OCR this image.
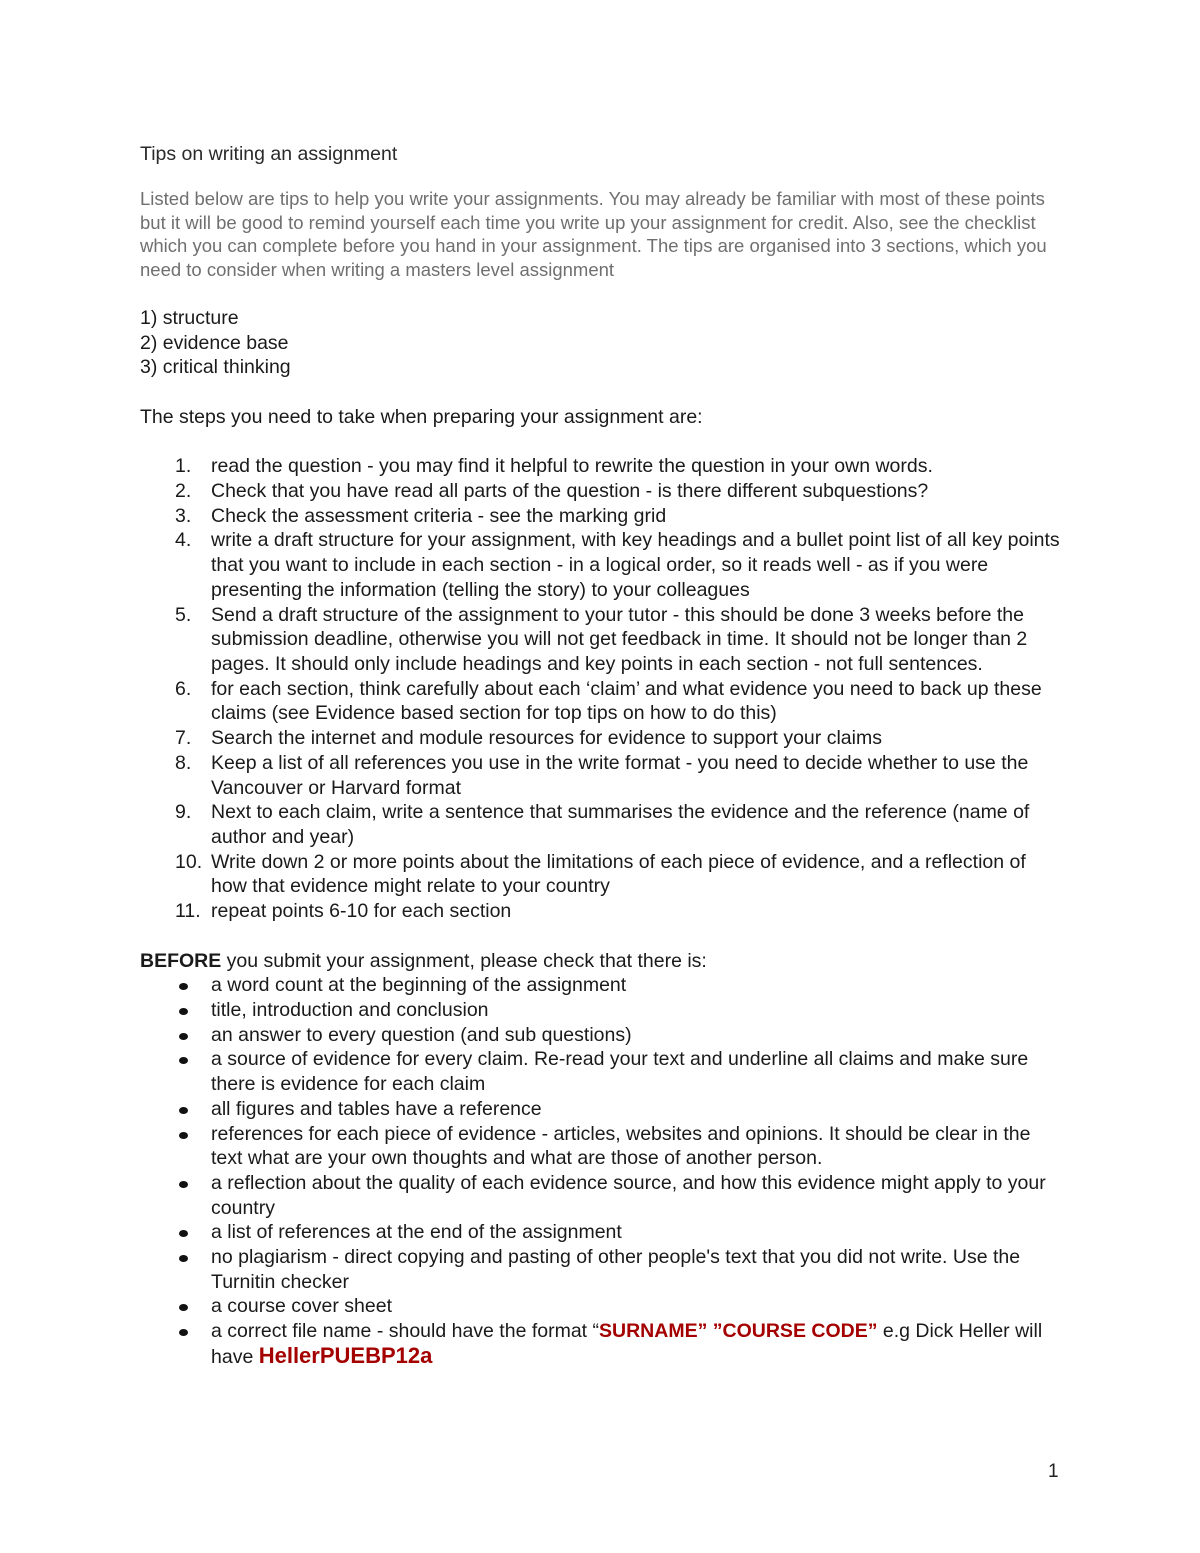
Tips on writing an assignment

Listed below are tips to help you write your assignments. You may already be familiar with most of these points but it will be good to remind yourself each time you write up your assignment for credit. Also, see the checklist which you can complete before you hand in your assignment. The tips are organised into 3 sections, which you need to consider when writing a masters level assignment
1) structure
2) evidence base
3) critical thinking
The steps you need to take when preparing your assignment are:
1. read the question - you may find it helpful to rewrite the question in your own words.
2. Check that you have read all parts of the question - is there different subquestions?
3. Check the assessment criteria - see the marking grid
4. write a draft structure for your assignment, with key headings and a bullet point list of all key points that you want to include in each section - in a logical order, so it reads well - as if you were presenting the information (telling the story) to your colleagues
5. Send a draft structure of the assignment to your tutor - this should be done 3 weeks before the submission deadline, otherwise you will not get feedback in time. It should not be longer than 2 pages. It should only include headings and key points in each section - not full sentences.
6. for each section, think carefully about each ‘claim’ and what evidence you need to back up these claims (see Evidence based section for top tips on how to do this)
7. Search the internet and module resources for evidence to support your claims
8. Keep a list of all references you use in the write format - you need to decide whether to use the Vancouver or Harvard format
9. Next to each claim, write a sentence that summarises the evidence and the reference (name of author and year)
10. Write down 2 or more points about the limitations of each piece of evidence, and a reflection of how that evidence might relate to your country
11. repeat points 6-10 for each section
BEFORE you submit your assignment, please check that there is:
a word count at the beginning of the assignment
title, introduction and conclusion
an answer to every question (and sub questions)
a source of evidence for every claim. Re-read your text and underline all claims and make sure there is evidence for each claim
all figures and tables have a reference
references for each piece of evidence - articles, websites and opinions. It should be clear in the text what are your own thoughts and what are those of another person.
a reflection about the quality of each evidence source, and how this evidence might apply to your country
a list of references at the end of the assignment
no plagiarism - direct copying and pasting of other people's text that you did not write. Use the Turnitin checker
a course cover sheet
a correct file name - should have the format “SURNAME” ”COURSE CODE” e.g Dick Heller will have HellerPUEBP12a
1
